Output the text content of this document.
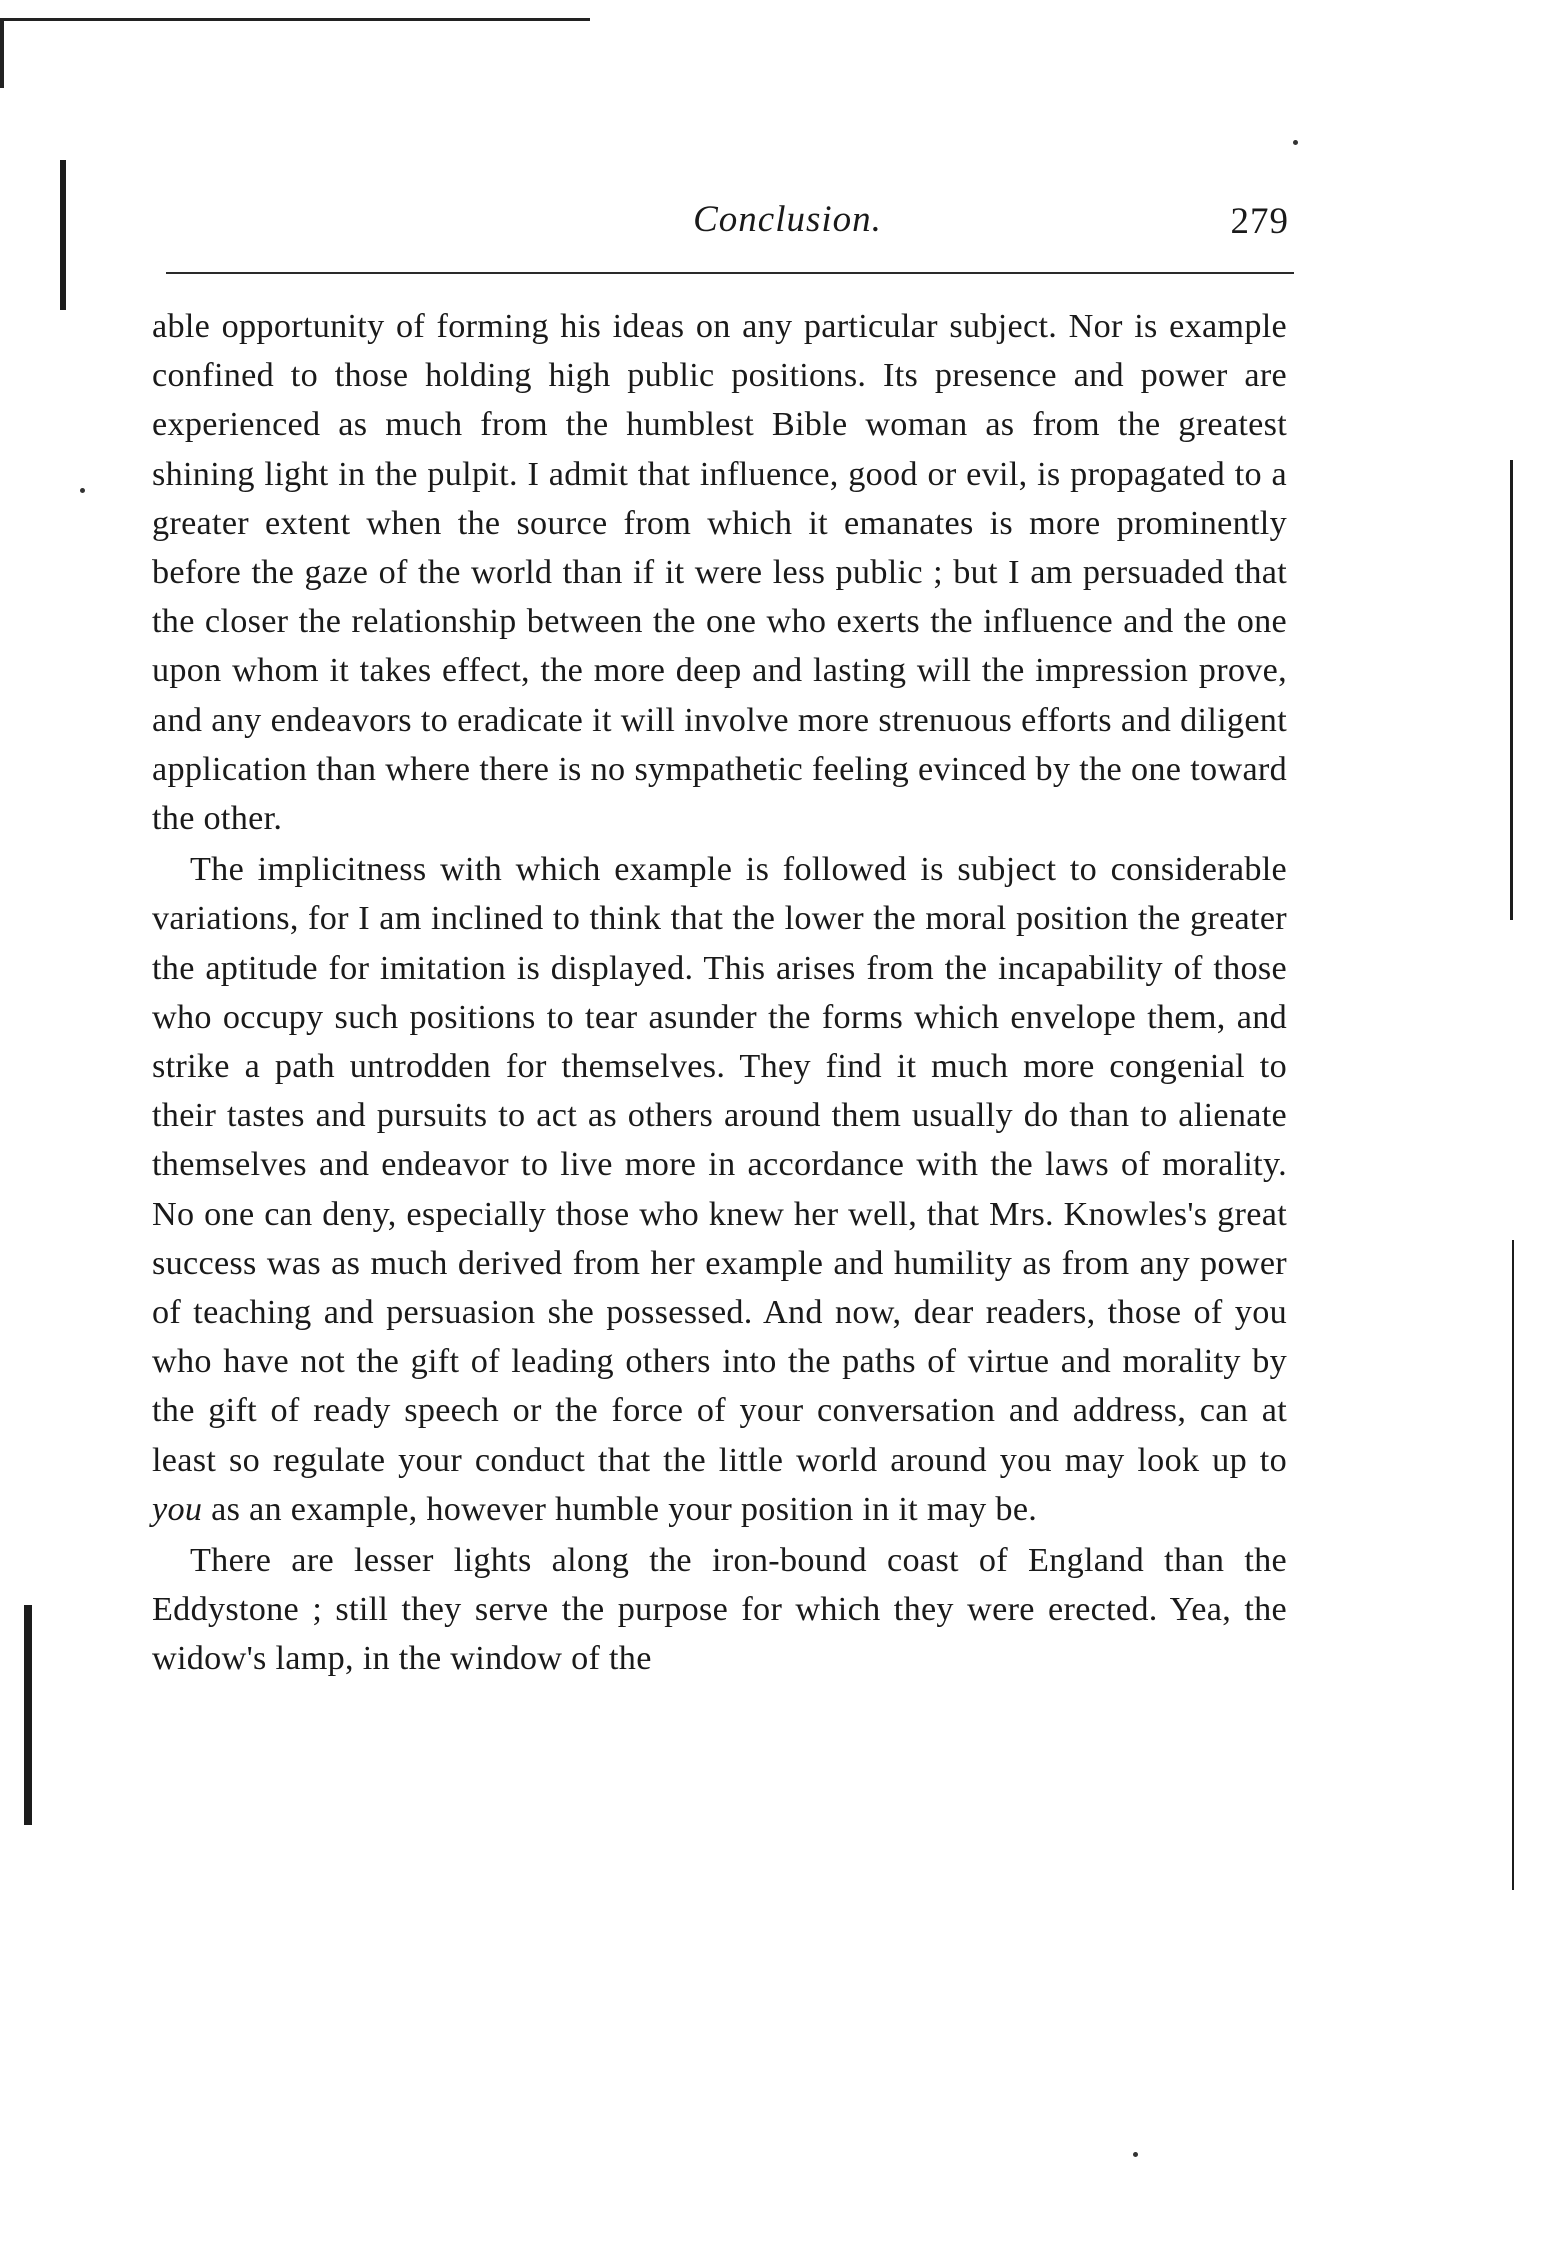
Conclusion.	279

able opportunity of forming his ideas on any particular subject. Nor is example confined to those holding high public positions. Its presence and power are experienced as much from the humblest Bible woman as from the greatest shining light in the pulpit. I admit that influence, good or evil, is propagated to a greater extent when the source from which it emanates is more prominently before the gaze of the world than if it were less public ; but I am persuaded that the closer the relationship between the one who exerts the influence and the one upon whom it takes effect, the more deep and lasting will the impression prove, and any endeavors to eradicate it will involve more strenuous efforts and diligent application than where there is no sympathetic feeling evinced by the one toward the other.

The implicitness with which example is followed is subject to considerable variations, for I am inclined to think that the lower the moral position the greater the aptitude for imitation is displayed. This arises from the incapability of those who occupy such positions to tear asunder the forms which envelope them, and strike a path untrodden for themselves. They find it much more congenial to their tastes and pursuits to act as others around them usually do than to alienate themselves and endeavor to live more in accordance with the laws of morality. No one can deny, especially those who knew her well, that Mrs. Knowles's great success was as much derived from her example and humility as from any power of teaching and persuasion she possessed. And now, dear readers, those of you who have not the gift of leading others into the paths of virtue and morality by the gift of ready speech or the force of your conversation and address, can at least so regulate your conduct that the little world around you may look up to you as an example, however humble your position in it may be.

There are lesser lights along the iron-bound coast of England than the Eddystone ; still they serve the purpose for which they were erected. Yea, the widow's lamp, in the window of the
